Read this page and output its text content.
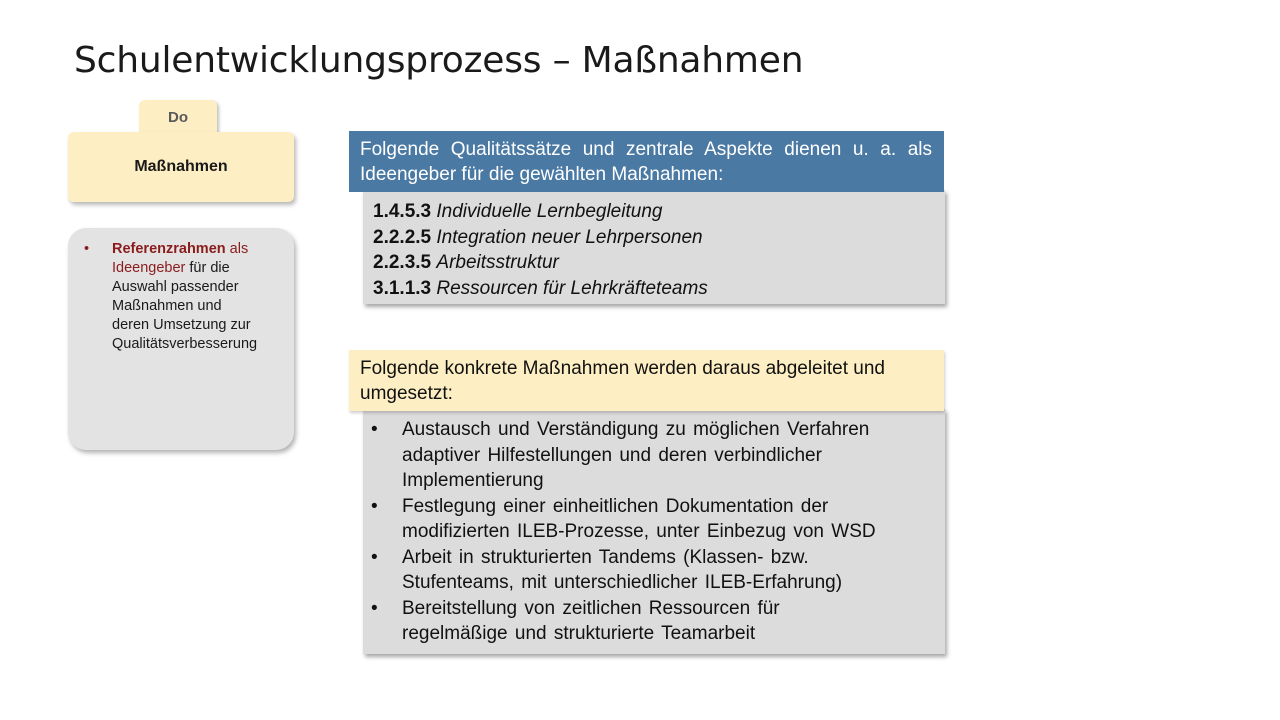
Schulentwicklungsprozess – Maßnahmen
Do
Maßnahmen
•	Referenzrahmen als
Ideengeber für die
Auswahl passender
Maßnahmen und
deren Umsetzung zur
Qualitätsverbesserung
Folgende Qualitätssätze und zentrale Aspekte dienen u. a. als Ideengeber für die gewählten Maßnahmen:
1.4.5.3 Individuelle Lernbegleitung
2.2.2.5 Integration neuer Lehrpersonen
2.2.3.5 Arbeitsstruktur
3.1.1.3 Ressourcen für Lehrkräfteteams
Folgende konkrete Maßnahmen werden daraus abgeleitet und umgesetzt:
•	Austausch und Verständigung zu möglichen Verfahren
adaptiver Hilfestellungen und deren verbindlicher
Implementierung
•	Festlegung einer einheitlichen Dokumentation der
modifizierten ILEB-Prozesse, unter Einbezug von WSD
•	Arbeit in strukturierten Tandems (Klassen- bzw.
Stufenteams, mit unterschiedlicher ILEB-Erfahrung)
•	Bereitstellung von zeitlichen Ressourcen für
regelmäßige und strukturierte Teamarbeit
